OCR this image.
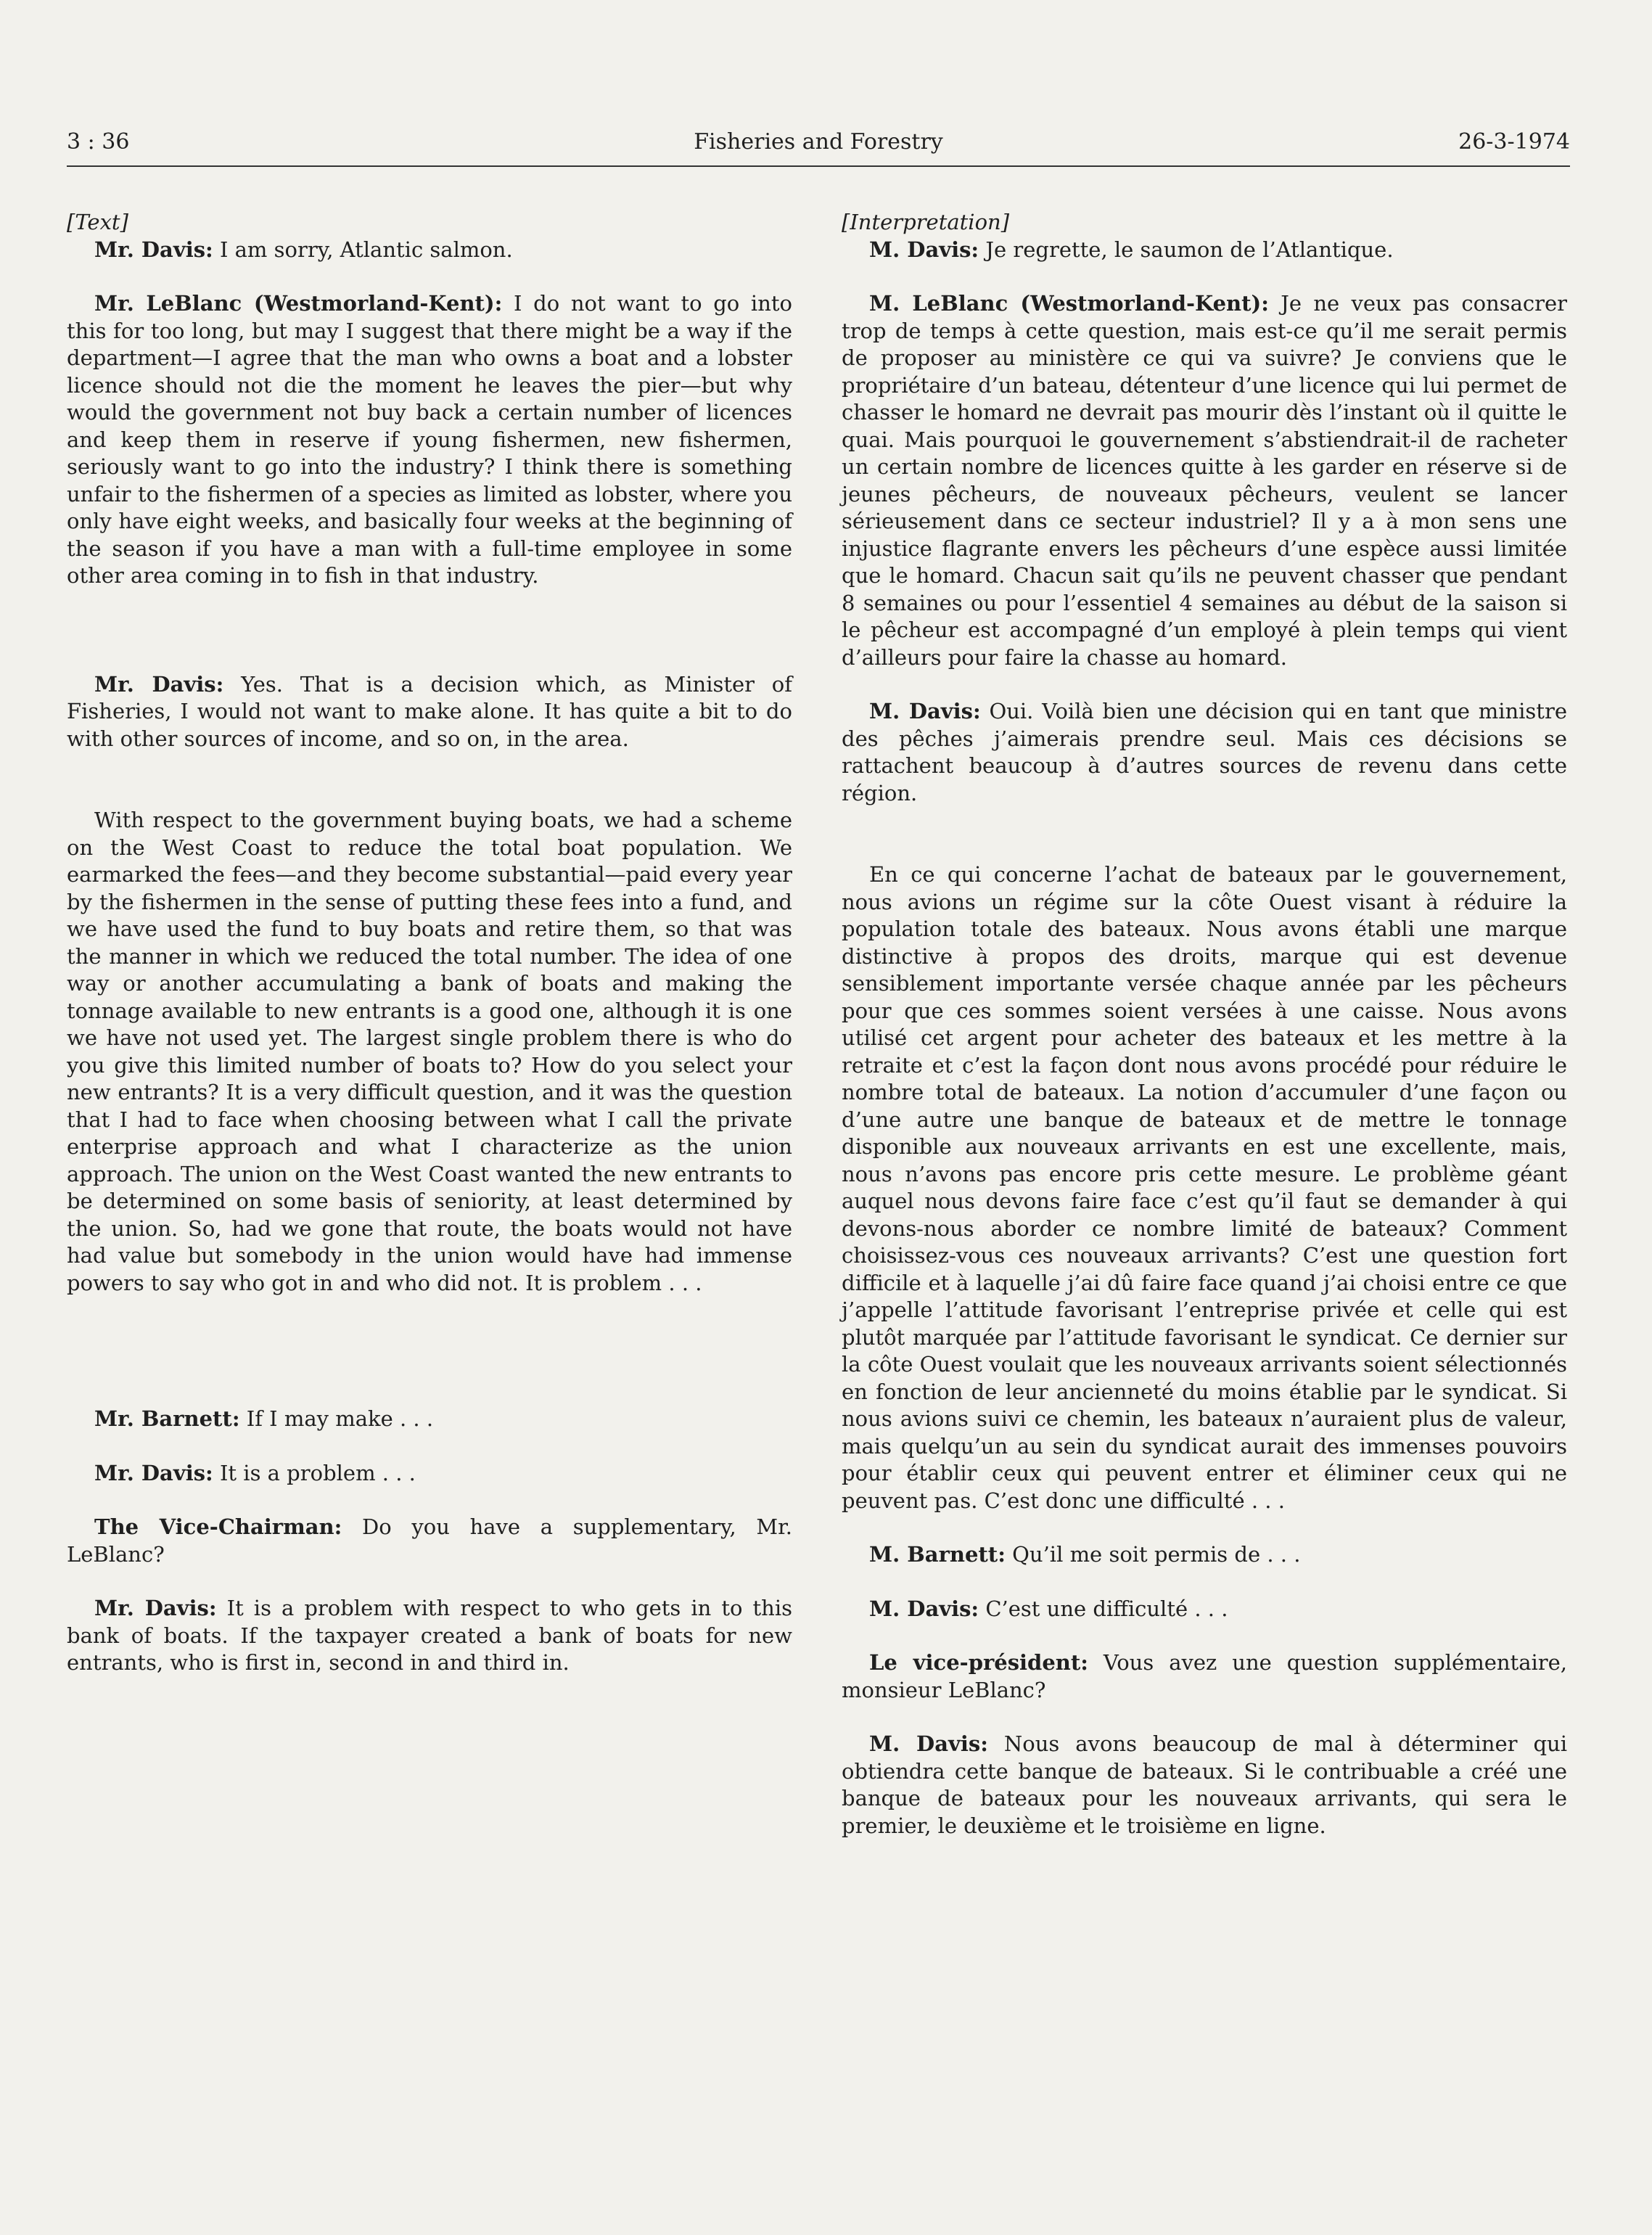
3 : 36	Fisheries and Forestry	26-3-1974

[Text]

Mr. Davis: I am sorry, Atlantic salmon.

Mr. LeBlanc (Westmorland-Kent): I do not want to go into this for too long, but may I suggest that there might be a way if the department—I agree that the man who owns a boat and a lobster licence should not die the moment he leaves the pier—but why would the government not buy back a certain number of licences and keep them in reserve if young fishermen, new fishermen, seriously want to go into the industry? I think there is something unfair to the fishermen of a species as limited as lobster, where you only have eight weeks, and basically four weeks at the beginning of the season if you have a man with a full-time employee in some other area coming in to fish in that industry.

Mr. Davis: Yes. That is a decision which, as Minister of Fisheries, I would not want to make alone. It has quite a bit to do with other sources of income, and so on, in the area.

With respect to the government buying boats, we had a scheme on the West Coast to reduce the total boat population. We earmarked the fees—and they become substantial—paid every year by the fishermen in the sense of putting these fees into a fund, and we have used the fund to buy boats and retire them, so that was the manner in which we reduced the total number. The idea of one way or another accumulating a bank of boats and making the tonnage available to new entrants is a good one, although it is one we have not used yet. The largest single problem there is who do you give this limited number of boats to? How do you select your new entrants? It is a very difficult question, and it was the question that I had to face when choosing between what I call the private enterprise approach and what I characterize as the union approach. The union on the West Coast wanted the new entrants to be determined on some basis of seniority, at least determined by the union. So, had we gone that route, the boats would not have had value but somebody in the union would have had immense powers to say who got in and who did not. It is problem . . .

Mr. Barnett: If I may make . . .

Mr. Davis: It is a problem . . .

The Vice-Chairman: Do you have a supplementary, Mr. LeBlanc?

Mr. Davis: It is a problem with respect to who gets in to this bank of boats. If the taxpayer created a bank of boats for new entrants, who is first in, second in and third in.

[Interpretation]

M. Davis: Je regrette, le saumon de l’Atlantique.

M. LeBlanc (Westmorland-Kent): Je ne veux pas consacrer trop de temps à cette question, mais est-ce qu’il me serait permis de proposer au ministère ce qui va suivre? Je conviens que le propriétaire d’un bateau, détenteur d’une licence qui lui permet de chasser le homard ne devrait pas mourir dès l’instant où il quitte le quai. Mais pourquoi le gouvernement s’abstiendrait-il de racheter un certain nombre de licences quitte à les garder en réserve si de jeunes pêcheurs, de nouveaux pêcheurs, veulent se lancer sérieusement dans ce secteur industriel? Il y a à mon sens une injustice flagrante envers les pêcheurs d’une espèce aussi limitée que le homard. Chacun sait qu’ils ne peuvent chasser que pendant 8 semaines ou pour l’essentiel 4 semaines au début de la saison si le pêcheur est accompagné d’un employé à plein temps qui vient d’ailleurs pour faire la chasse au homard.

M. Davis: Oui. Voilà bien une décision qui en tant que ministre des pêches j’aimerais prendre seul. Mais ces décisions se rattachent beaucoup à d’autres sources de revenu dans cette région.

En ce qui concerne l’achat de bateaux par le gouvernement, nous avions un régime sur la côte Ouest visant à réduire la population totale des bateaux. Nous avons établi une marque distinctive à propos des droits, marque qui est devenue sensiblement importante versée chaque année par les pêcheurs pour que ces sommes soient versées à une caisse. Nous avons utilisé cet argent pour acheter des bateaux et les mettre à la retraite et c’est la façon dont nous avons procédé pour réduire le nombre total de bateaux. La notion d’accumuler d’une façon ou d’une autre une banque de bateaux et de mettre le tonnage disponible aux nouveaux arrivants en est une excellente, mais, nous n’avons pas encore pris cette mesure. Le problème géant auquel nous devons faire face c’est qu’il faut se demander à qui devons-nous aborder ce nombre limité de bateaux? Comment choisissez-vous ces nouveaux arrivants? C’est une question fort difficile et à laquelle j’ai dû faire face quand j’ai choisi entre ce que j’appelle l’attitude favorisant l’entreprise privée et celle qui est plutôt marquée par l’attitude favorisant le syndicat. Ce dernier sur la côte Ouest voulait que les nouveaux arrivants soient sélectionnés en fonction de leur ancienneté du moins établie par le syndicat. Si nous avions suivi ce chemin, les bateaux n’auraient plus de valeur, mais quelqu’un au sein du syndicat aurait des immenses pouvoirs pour établir ceux qui peuvent entrer et éliminer ceux qui ne peuvent pas. C’est donc une difficulté . . .

M. Barnett: Qu’il me soit permis de . . .

M. Davis: C’est une difficulté . . .

Le vice-président: Vous avez une question supplémentaire, monsieur LeBlanc?

M. Davis: Nous avons beaucoup de mal à déterminer qui obtiendra cette banque de bateaux. Si le contribuable a créé une banque de bateaux pour les nouveaux arrivants, qui sera le premier, le deuxième et le troisième en ligne.
